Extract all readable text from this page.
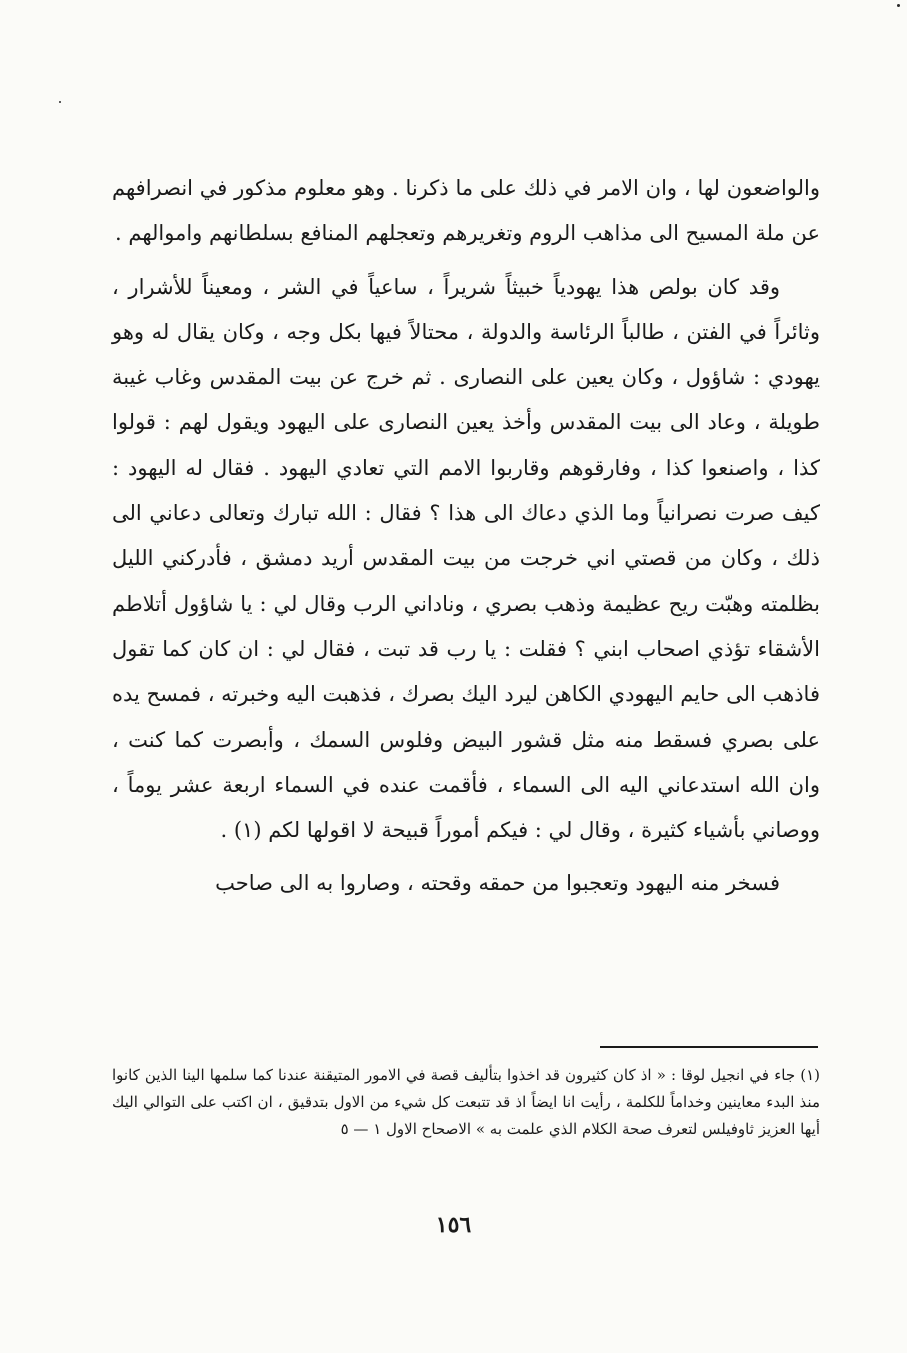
والواضعون لها ، وان الامر في ذلك على ما ذكرنا . وهو معلوم مذكور في انصرافهم عن ملة المسيح الى مذاهب الروم وتغريرهم وتعجلهم المنافع بسلطانهم واموالهم .

وقد كان بولص هذا يهودياً خبيثاً شريراً ، ساعياً في الشر ، ومعيناً للأشرار ، وثائراً في الفتن ، طالباً الرئاسة والدولة ، محتالاً فيها بكل وجه ، وكان يقال له وهو يهودي : شاؤول ، وكان يعين على النصارى . ثم خرج عن بيت المقدس وغاب غيبة طويلة ، وعاد الى بيت المقدس وأخذ يعين النصارى على اليهود ويقول لهم : قولوا كذا ، واصنعوا كذا ، وفارقوهم وقاربوا الامم التي تعادي اليهود . فقال له اليهود : كيف صرت نصرانياً وما الذي دعاك الى هذا ؟ فقال : الله تبارك وتعالى دعاني الى ذلك ، وكان من قصتي اني خرجت من بيت المقدس أريد دمشق ، فأدركني الليل بظلمته وهبّت ريح عظيمة وذهب بصري ، وناداني الرب وقال لي : يا شاؤول أتلاطم الأشقاء تؤذي اصحاب ابني ؟ فقلت : يا رب قد تبت ، فقال لي : ان كان كما تقول فاذهب الى حايم اليهودي الكاهن ليرد اليك بصرك ، فذهبت اليه وخبرته ، فمسح يده على بصري فسقط منه مثل قشور البيض وفلوس السمك ، وأبصرت كما كنت ، وان الله استدعاني اليه الى السماء ، فأقمت عنده في السماء اربعة عشر يوماً ، ووصاني بأشياء كثيرة ، وقال لي : فيكم أموراً قبيحة لا اقولها لكم (١) .

فسخر منه اليهود وتعجبوا من حمقه وقحته ، وصاروا به الى صاحب

(١) جاء في انجيل لوقا : « اذ كان كثيرون قد اخذوا بتأليف قصة في الامور المتيقنة عندنا كما سلمها الينا الذين كانوا منذ البدء معاينين وخداماً للكلمة ، رأيت انا ايضاً اذ قد تتبعت كل شيء من الاول بتدقيق ، ان اكتب على التوالي اليك أيها العزيز ثاوفيلس لتعرف صحة الكلام الذي علمت به » الاصحاح الاول ١ — ٥

١٥٦
